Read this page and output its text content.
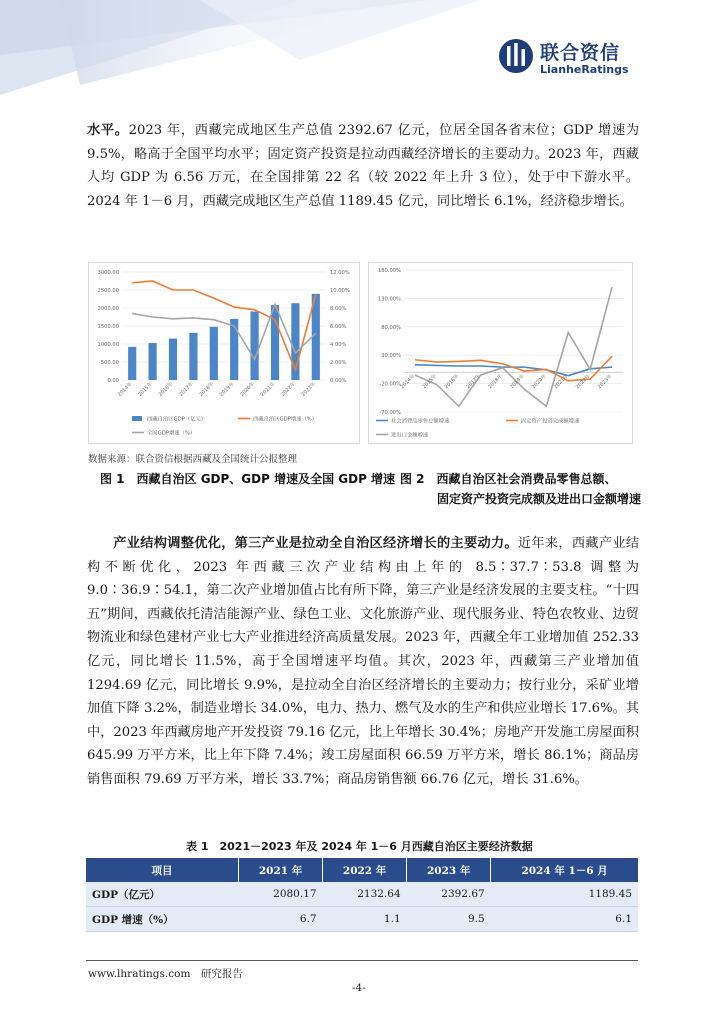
联合资信
LianheRatings
水平。2023 年，西藏完成地区生产总值 2392.67 亿元，位居全国各省末位；GDP 增速为 9.5%，略高于全国平均水平；固定资产投资是拉动西藏经济增长的主要动力。2023 年，西藏人均 GDP 为 6.56 万元，在全国排第 22 名（较 2022 年上升 3 位），处于中下游水平。2024 年 1－6 月，西藏完成地区生产总值 1189.45 亿元，同比增长 6.1%，经济稳步增长。
0.00
500.00
1000.00
1500.00
2000.00
2500.00
3000.00
0.00%
2.00%
4.00%
6.00%
8.00%
10.00%
12.00%
2014年 2015年 2016年 2017年 2018年 2019年 2020年 2021年 2022年 2023年
西藏自治区GDP（亿元）	西藏自治区GDP增速（%）
全国GDP增速（%）
-70.00%
-20.00%
30.00%
80.00%
130.00%
180.00%
2014年 2015年 2016年 2017年 2018年 2019年 2020年 2021年 2022年 2023年
社会消费品零售总额增速	固定资产投资完成额增速
进出口金额增速
数据来源：联合资信根据西藏及全国统计公报整理
图 1　西藏自治区 GDP、GDP 增速及全国 GDP 增速 图 2　西藏自治区社会消费品零售总额、
固定资产投资完成额及进出口金额增速
产业结构调整优化，第三产业是拉动全自治区经济增长的主要动力。近年来，西藏产业结构不断优化，2023 年西藏三次产业结构由上年的 8.5∶37.7∶53.8 调整为 9.0∶36.9∶54.1，第二次产业增加值占比有所下降，第三产业是经济发展的主要支柱。“十四五”期间，西藏依托清洁能源产业、绿色工业、文化旅游产业、现代服务业、特色农牧业、边贸物流业和绿色建材产业七大产业推进经济高质量发展。2023 年，西藏全年工业增加值 252.33 亿元，同比增长 11.5%，高于全国增速平均值。其次，2023 年，西藏第三产业增加值 1294.69 亿元，同比增长 9.9%，是拉动全自治区经济增长的主要动力；按行业分，采矿业增加值下降 3.2%，制造业增长 34.0%，电力、热力、燃气及水的生产和供应业增长 17.6%。其中，2023 年西藏房地产开发投资 79.16 亿元，比上年增长 30.4%；房地产开发施工房屋面积 645.99 万平方米，比上年下降 7.4%；竣工房屋面积 66.59 万平方米，增长 86.1%；商品房销售面积 79.69 万平方米，增长 33.7%；商品房销售额 66.76 亿元，增长 31.6%。
表 1　2021－2023 年及 2024 年 1－6 月西藏自治区主要经济数据
项目	2021 年	2022 年	2023 年	2024 年 1－6 月
GDP（亿元）	2080.17	2132.64	2392.67	1189.45
GDP 增速（%）	6.7	1.1	9.5	6.1
www.lhratings.com　研究报告
-4-
